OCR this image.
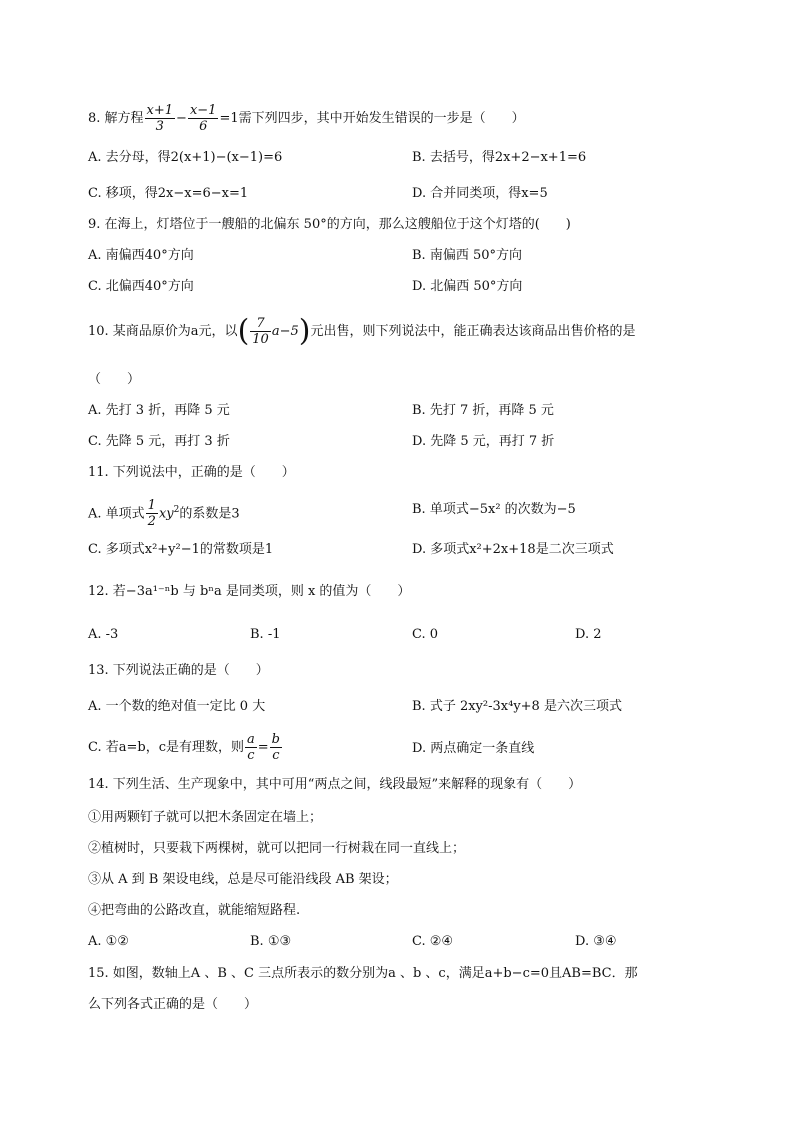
8. 解方程 $\frac{x+1}{3} - \frac{x-1}{6} =1$需下列四步，其中开始发生错误的一步是（　　）
A. 去分母，得2(x+1)−(x−1)=6	B. 去括号，得2x+2−x+1=6
C. 移项，得2x−x=6−x=1	D. 合并同类项，得x=5
9. 在海上，灯塔位于一艘船的北偏东 50°的方向，那么这艘船位于这个灯塔的(　　)
A. 南偏西40°方向	B. 南偏西 50°方向
C. 北偏西40°方向	D. 北偏西 50°方向
10. 某商品原价为a元，以( $\frac{7}{10} a-5$)元出售，则下列说法中，能正确表达该商品出售价格的是
（　　）
A. 先打 3 折，再降 5 元	B. 先打 7 折，再降 5 元
C. 先降 5 元，再打 3 折	D. 先降 5 元，再打 7 折
11. 下列说法中，正确的是（　　）
A. 单项式 $\frac{1}{2} xy^2$的系数是3	B. 单项式−5x² 的次数为−5
C. 多项式x²+y²−1的常数项是1	D. 多项式x²+2x+18是二次三项式
12. 若−3a¹⁻ⁿb 与 bⁿa 是同类项，则 x 的值为（　　）
A. -3	B. -1	C. 0	D. 2
13. 下列说法正确的是（　　）
A. 一个数的绝对值一定比 0 大	B. 式子 2xy²-3x⁴y+8 是六次三项式
C. 若a=b，c是有理数，则 $\frac{a}{c} = \frac{b}{c}$	D. 两点确定一条直线
14. 下列生活、生产现象中，其中可用“两点之间，线段最短”来解释的现象有（　　）
①用两颗钉子就可以把木条固定在墙上；
②植树时，只要栽下两棵树，就可以把同一行树栽在同一直线上；
③从 A 到 B 架设电线，总是尽可能沿线段 AB 架设；
④把弯曲的公路改直，就能缩短路程.
A. ①②	B. ①③	C. ②④	D. ③④
15. 如图，数轴上A 、B 、C 三点所表示的数分别为a 、b 、c，满足a+b−c=0且AB=BC．那
么下列各式正确的是（　　）
